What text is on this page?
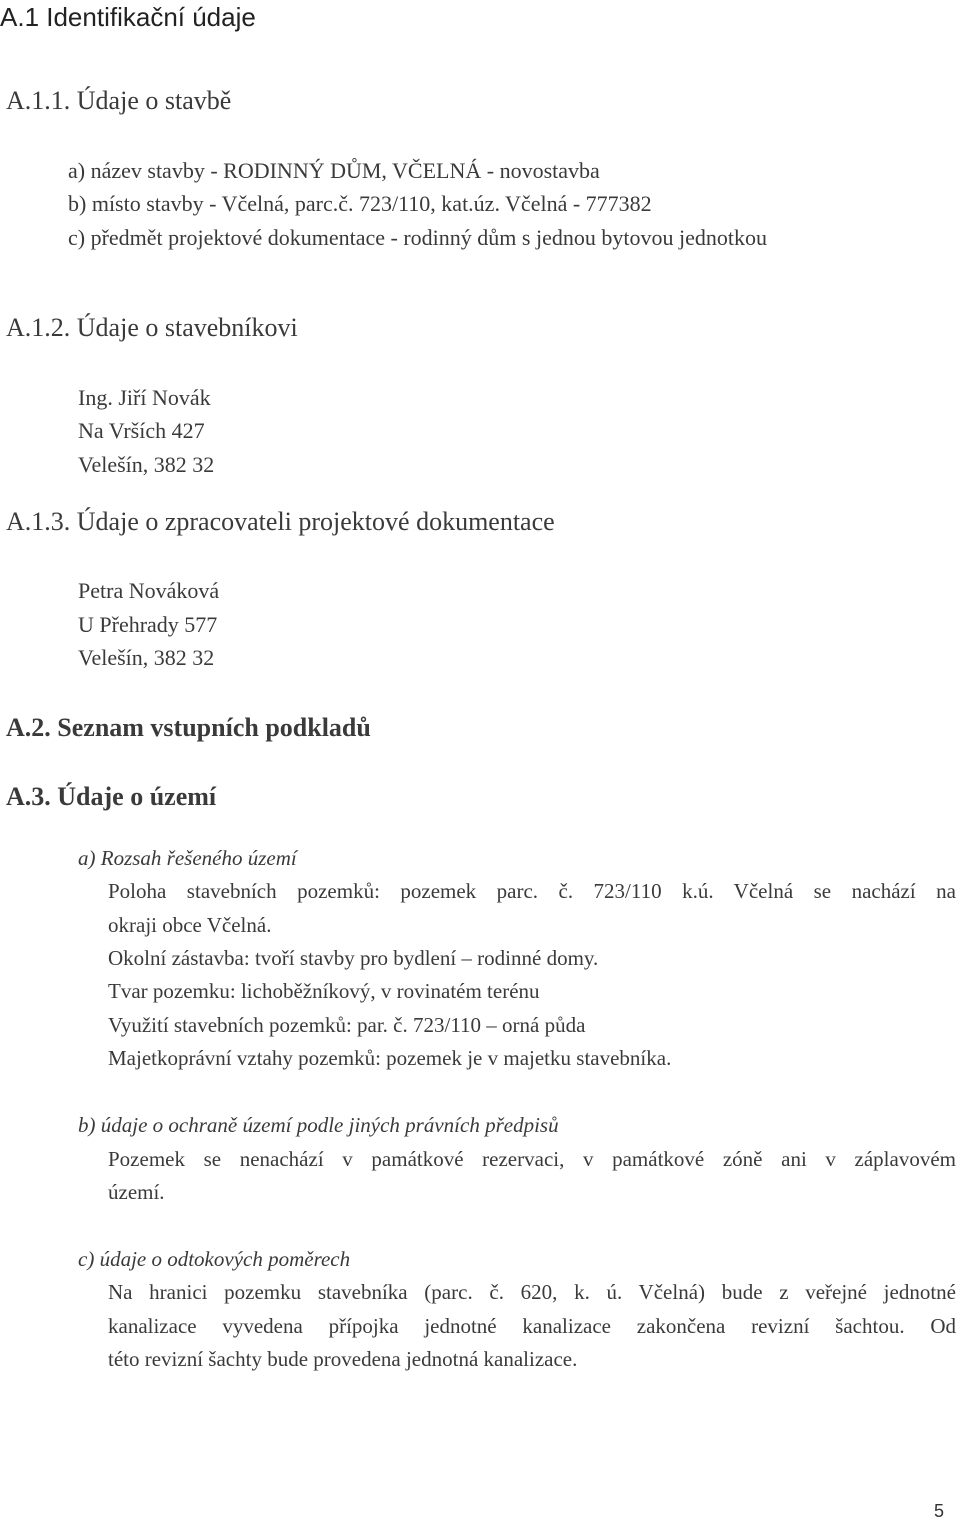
A.1 Identifikační údaje
A.1.1. Údaje o stavbě
a) název stavby - RODINNÝ DŮM, VČELNÁ - novostavba
b) místo stavby - Včelná, parc.č. 723/110, kat.úz. Včelná - 777382
c) předmět projektové dokumentace - rodinný dům s jednou bytovou jednotkou
A.1.2. Údaje o stavebníkovi
Ing. Jiří Novák
Na Vrších 427
Velešín, 382 32
A.1.3. Údaje o zpracovateli projektové dokumentace
Petra Nováková
U Přehrady 577
Velešín, 382 32
A.2. Seznam vstupních podkladů
A.3. Údaje o území
a) Rozsah řešeného území
Poloha stavebních pozemků: pozemek parc. č. 723/110 k.ú. Včelná se nachází na
okraji obce Včelná.
Okolní zástavba: tvoří stavby pro bydlení – rodinné domy.
Tvar pozemku: lichoběžníkový, v rovinatém terénu
Využití stavebních pozemků: par. č. 723/110 – orná půda
Majetkoprávní vztahy pozemků: pozemek je v majetku stavebníka.
b) údaje o ochraně území podle jiných právních předpisů
Pozemek se nenachází v památkové rezervaci, v památkové zóně ani v záplavovém
území.
c) údaje o odtokových poměrech
Na hranici pozemku stavebníka (parc. č. 620, k. ú. Včelná) bude z veřejné jednotné
kanalizace vyvedena přípojka jednotné kanalizace zakončena revizní šachtou. Od
této revizní šachty bude provedena jednotná kanalizace.
5
